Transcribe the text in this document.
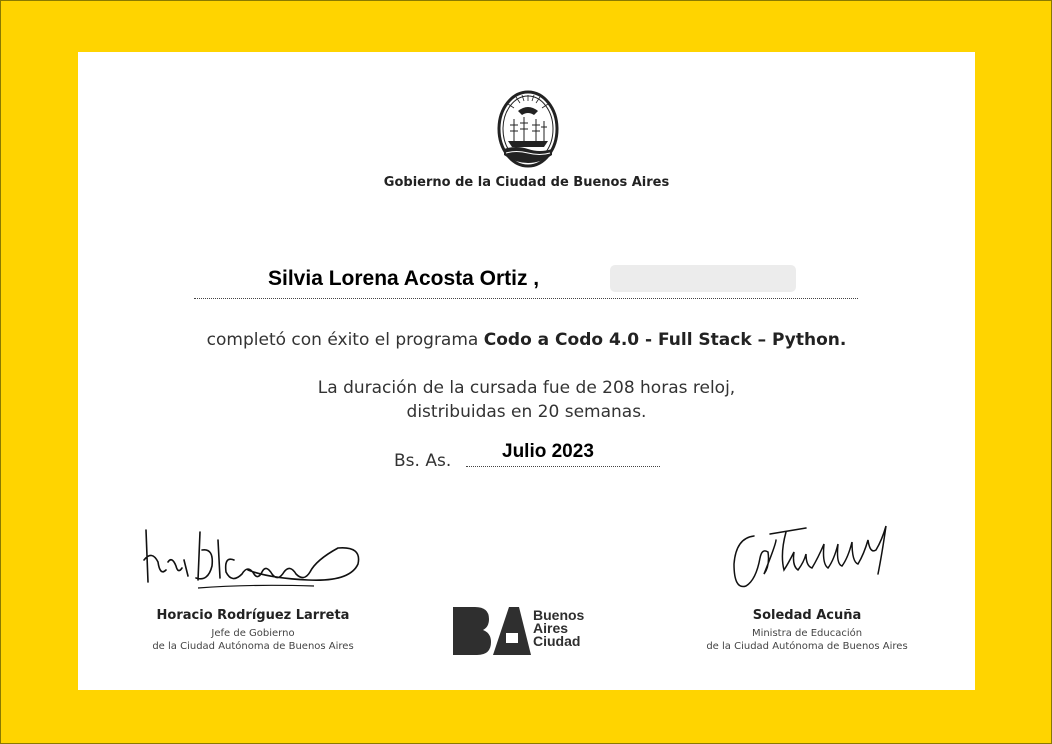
Gobierno de la Ciudad de Buenos Aires
Silvia Lorena Acosta Ortiz ,
completó con éxito el programa Codo a Codo 4.0 - Full Stack – Python.
La duración de la cursada fue de 208 horas reloj,
distribuidas en 20 semanas.
Bs. As.	Julio 2023
Horacio Rodríguez Larreta
Jefe de Gobierno
de la Ciudad Autónoma de Buenos Aires
Buenos
Aires
Ciudad
Soledad Acuña
Ministra de Educación
de la Ciudad Autónoma de Buenos Aires
